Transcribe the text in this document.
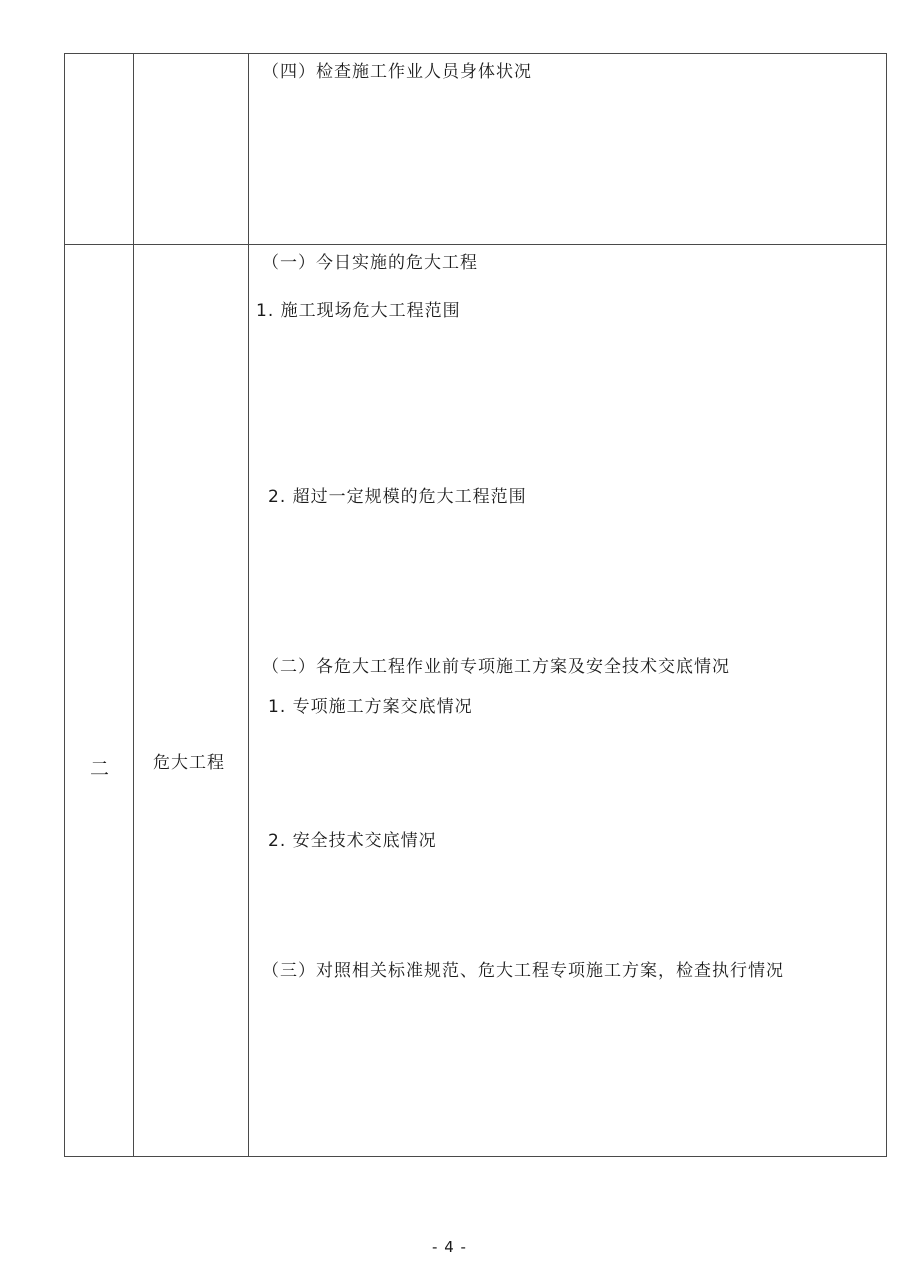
（四）检查施工作业人员身体状况
二	危大工程
（一）今日实施的危大工程
1. 施工现场危大工程范围
2. 超过一定规模的危大工程范围
（二）各危大工程作业前专项施工方案及安全技术交底情况
1. 专项施工方案交底情况
2. 安全技术交底情况
（三）对照相关标准规范、危大工程专项施工方案，检查执行情况
- 4 -
